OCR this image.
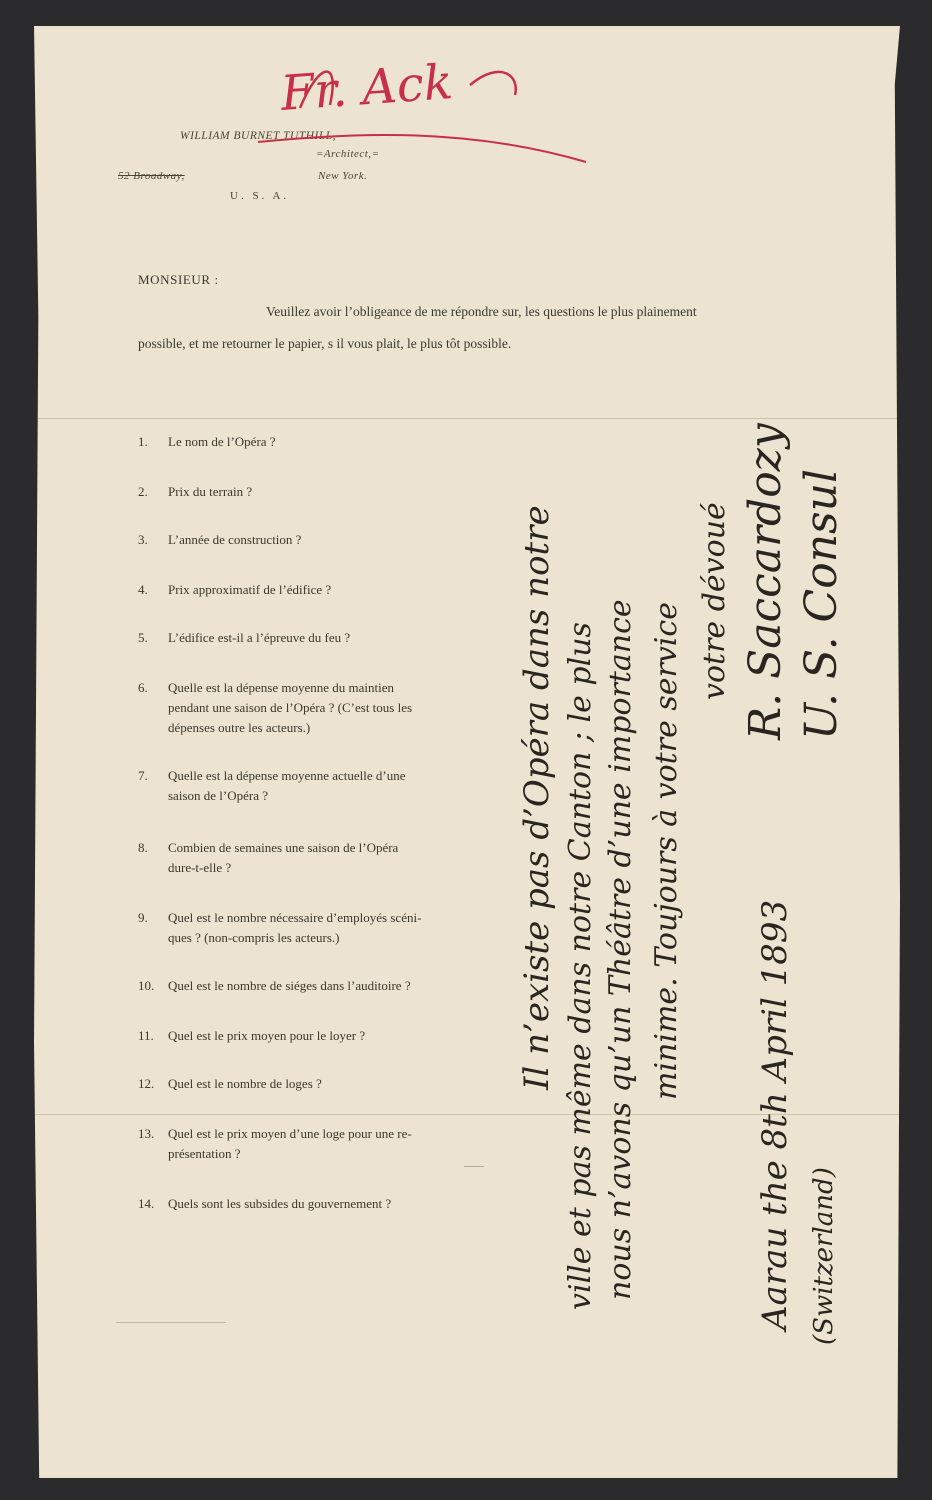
WILLIAM BURNET TUTHILL,
=Architect,=
52 Broadway,	New York.
U. S. A.
MONSIEUR :
Veuillez avoir l’obligeance de me répondre sur, les questions le plus plainement
possible, et me retourner le papier, s il vous plait, le plus tôt possible.
1.	Le nom de l’Opéra ?
2.	Prix du terrain ?
3.	L’année de construction ?
4.	Prix approximatif de l’édifice ?
5.	L’édifice est-il a l’épreuve du feu ?
6.	Quelle est la dépense moyenne du maintien
pendant une saison de l’Opéra ? (C’est tous les
dépenses outre les acteurs.)
7.	Quelle est la dépense moyenne actuelle d’une
saison de l’Opéra ?
8.	Combien de semaines une saison de l’Opéra
dure-t-elle ?
9.	Quel est le nombre nécessaire d’employés scéni-
ques ? (non-compris les acteurs.)
10.	Quel est le nombre de siéges dans l’auditoire ?
11.	Quel est le prix moyen pour le loyer ?
12.	Quel est le nombre de loges ?
13.	Quel est le prix moyen d’une loge pour une re-
présentation ?
14.	Quels sont les subsides du gouvernement ?
Fr. Ack
Il n’existe pas d’Opéra dans notre ville et pas même dans notre Canton ; le plus nous n’avons qu’un Théâtre d’une importance minime. Toujours à votre service
votre dévoué R. Saccardozy U. S. Consul
Aarau the 8th April 1893 (Switzerland)
